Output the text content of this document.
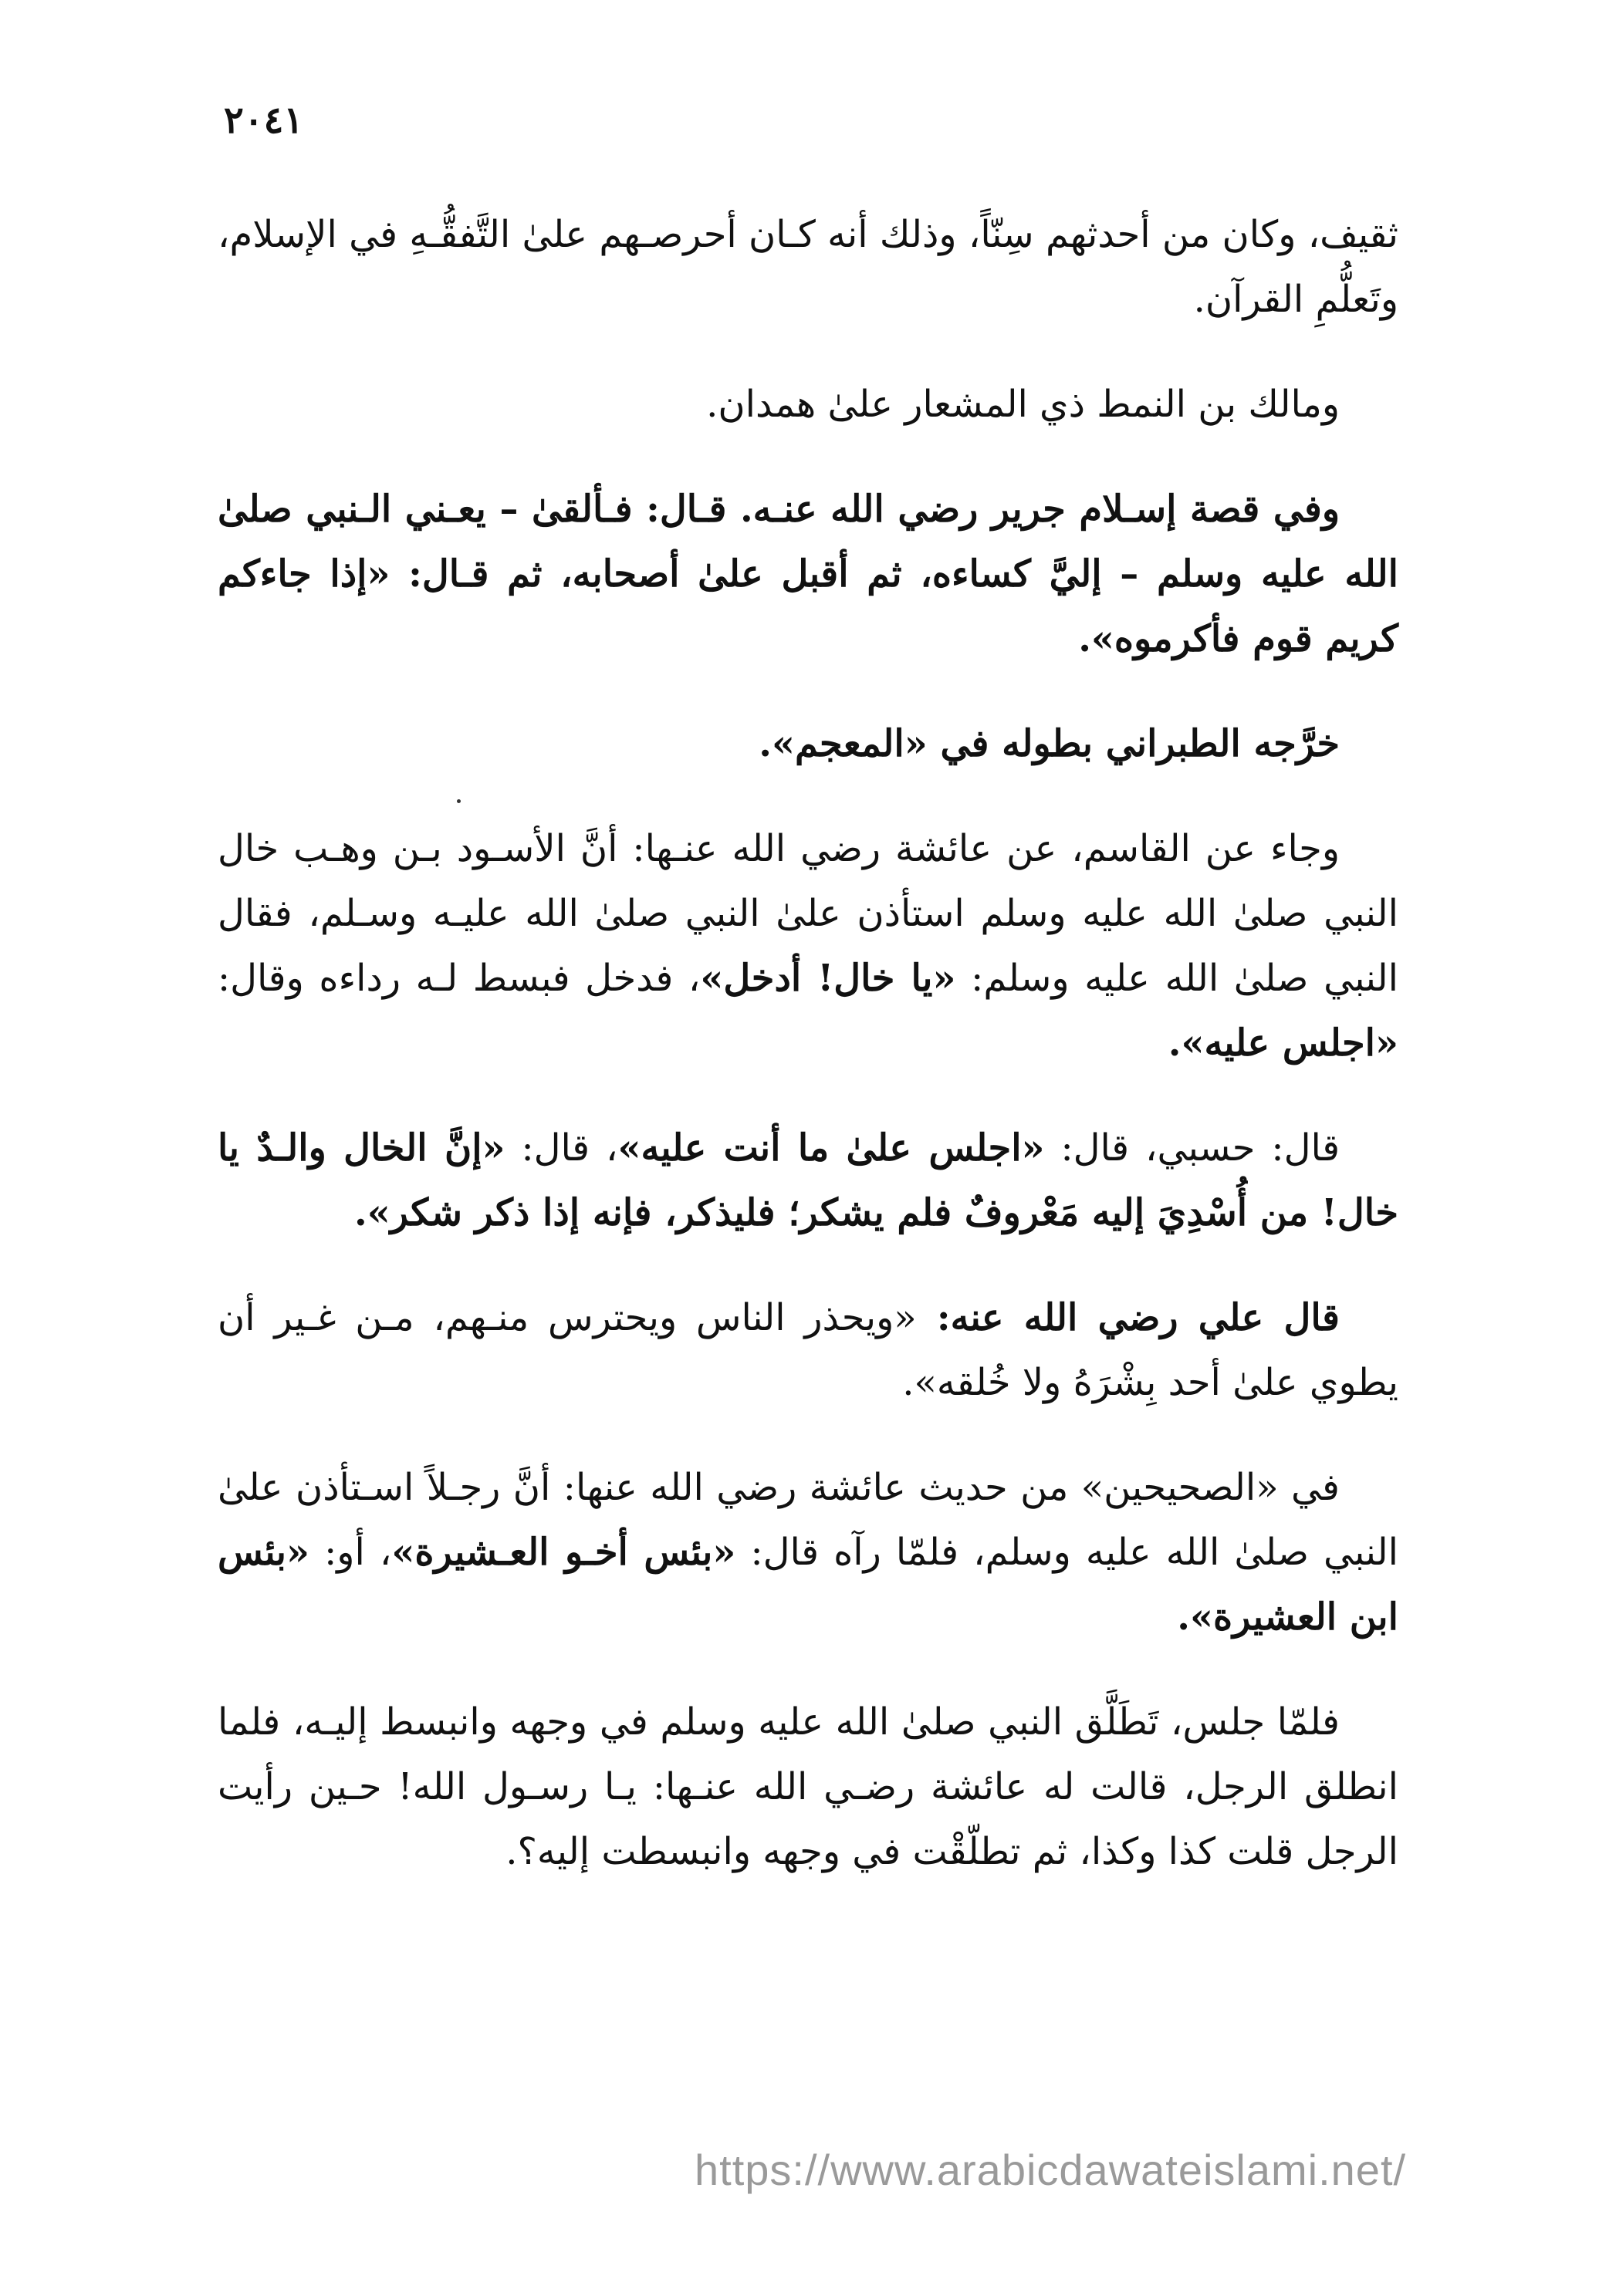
٢٠٤١

ثقيف، وكان من أحدثهم سِنّاً، وذلك أنه كـان أحرصـهم علىٰ التَّفقُّـهِ في الإسلام، وتَعلُّمِ القرآن.

ومالك بن النمط ذي المشعار علىٰ همدان.

وفي قصة إسـلام جرير رضي الله عنـه. قـال: فـألقىٰ – يعـني الـنبي صلىٰ الله عليه وسلم – إليَّ كساءه، ثم أقبل علىٰ أصحابه، ثم قـال: «إذا جاءكم كريم قوم فأكرموه».

خرَّجه الطبراني بطوله في «المعجم».

وجاء عن القاسم، عن عائشة رضي الله عنـها: أنَّ الأسـود بـن وهـب خال النبي صلىٰ الله عليه وسلم استأذن علىٰ النبي صلىٰ الله عليـه وسـلم، فقال النبي صلىٰ الله عليه وسلم: «يا خال! أدخل»، فدخل فبسط لـه رداءه وقال: «اجلس عليه».

قال: حسبي، قال: «اجلس علىٰ ما أنت عليه»، قال: «إنَّ الخال والـدٌ يا خال! من أُسْدِيَ إليه مَعْروفٌ فلم يشكر؛ فليذكر، فإنه إذا ذكر شكر».

قال علي رضي الله عنه: «ويحذر الناس ويحترس منـهم، مـن غـير أن يطوي علىٰ أحد بِشْرَهُ ولا خُلقه».

في «الصحيحين» من حديث عائشة رضي الله عنها: أنَّ رجـلاً اسـتأذن علىٰ النبي صلىٰ الله عليه وسلم، فلمّا رآه قال: «بئس أخـو العـشيرة»، أو: «بئس ابن العشيرة».

فلمّا جلس، تَطَلَّق النبي صلىٰ الله عليه وسلم في وجهه وانبسط إليـه، فلما انطلق الرجل، قالت له عائشة رضـي الله عنـها: يـا رسـول الله! حـين رأيت الرجل قلت كذا وكذا، ثم تطلّقْت في وجهه وانبسطت إليه؟.

https://www.arabicdawateislami.net/
